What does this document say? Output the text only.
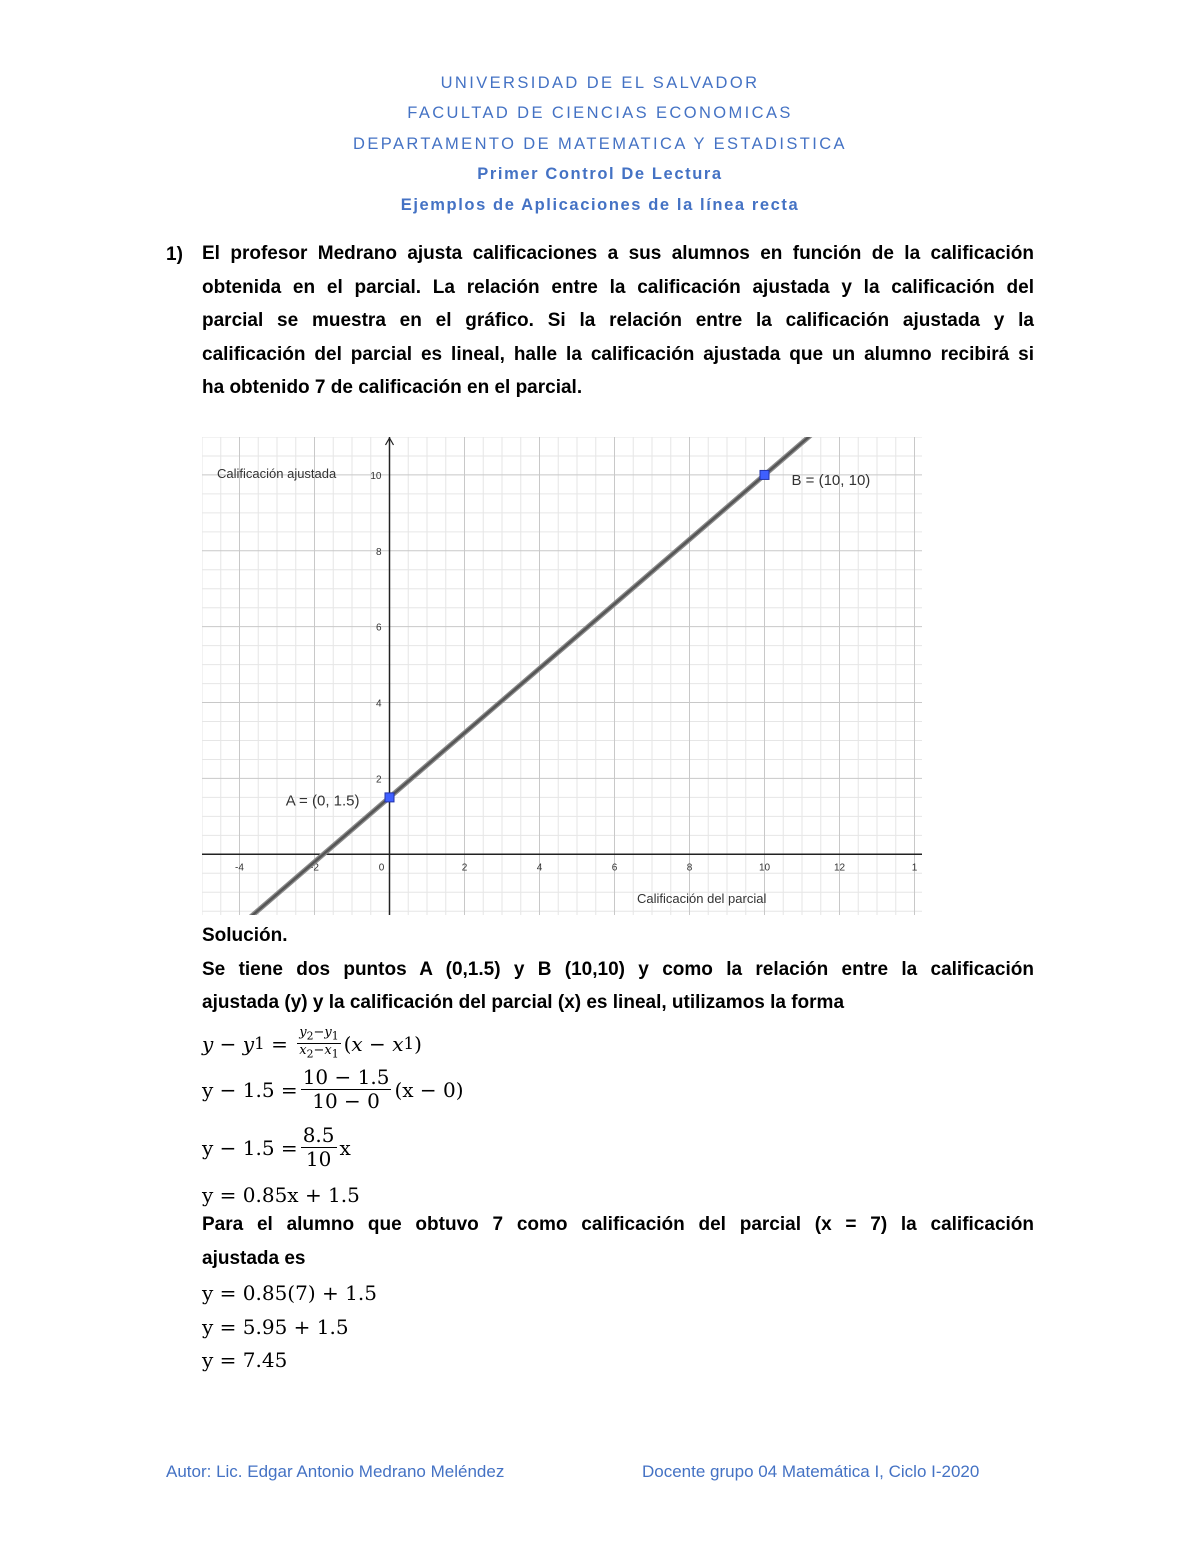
UNIVERSIDAD DE EL SALVADOR
FACULTAD DE CIENCIAS ECONOMICAS
DEPARTAMENTO DE MATEMATICA Y ESTADISTICA
Primer Control De Lectura
Ejemplos de Aplicaciones de la línea recta
1) El profesor Medrano ajusta calificaciones a sus alumnos en función de la calificación
obtenida en el parcial. La relación entre la calificación ajustada y la calificación del
parcial se muestra en el gráfico. Si la relación entre la calificación ajustada y la
calificación del parcial es lineal, halle la calificación ajustada que un alumno recibirá si
ha obtenido 7 de calificación en el parcial.
-4	-2	0	2	4	6	8	10	12	1
2
4
6
8
10
A = (0, 1.5)
B = (10, 10)
Calificación del parcial
Calificación ajustada
Solución.
Se tiene dos puntos A (0,1.5) y B (10,10) y como la relación entre la calificación
ajustada (y) y la calificación del parcial (x) es lineal, utilizamos la forma
y − y $1 = \frac{y_2-y_1}{x_2-x_1}$ ( x − x 1 )
$y - 1.5 = \frac{10 - 1.5}{10 - 0} (x - 0)$
$y - 1.5 = \frac{8.5}{10}$ x
y = 0.85x + 1.5
Para el alumno que obtuvo 7 como calificación del parcial (x = 7) la calificación
ajustada es
y = 0.85(7) + 1.5
y = 5.95 + 1.5
y = 7.45
Autor: Lic. Edgar Antonio Medrano Meléndez	Docente grupo 04 Matemática I, Ciclo I-2020
